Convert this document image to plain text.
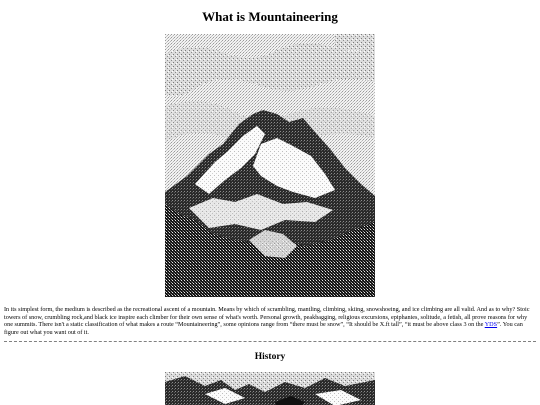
What is Mountaineering

In its simplest form, the medium is described as the recreational ascent of a mountain. Means by which of scrambling, mantling, climbing, skiing, snowshoeing, and ice climbing are all valid. And as to why? Stoic towers of snow, crumbling rock,and black ice inspire each climber for their own sense of what's worth. Personal growth, peakbagging, religious excursions, epiphanies, solitude, a fetish, all prove reasons for why one summits. There isn't a static classification of what makes a route “Mountaineering”, some opinions range from “there must be snow”, “It should be X.ft tall”, “it must be above class 3 on the YDS”. You can figure out what you want out of it.

History
